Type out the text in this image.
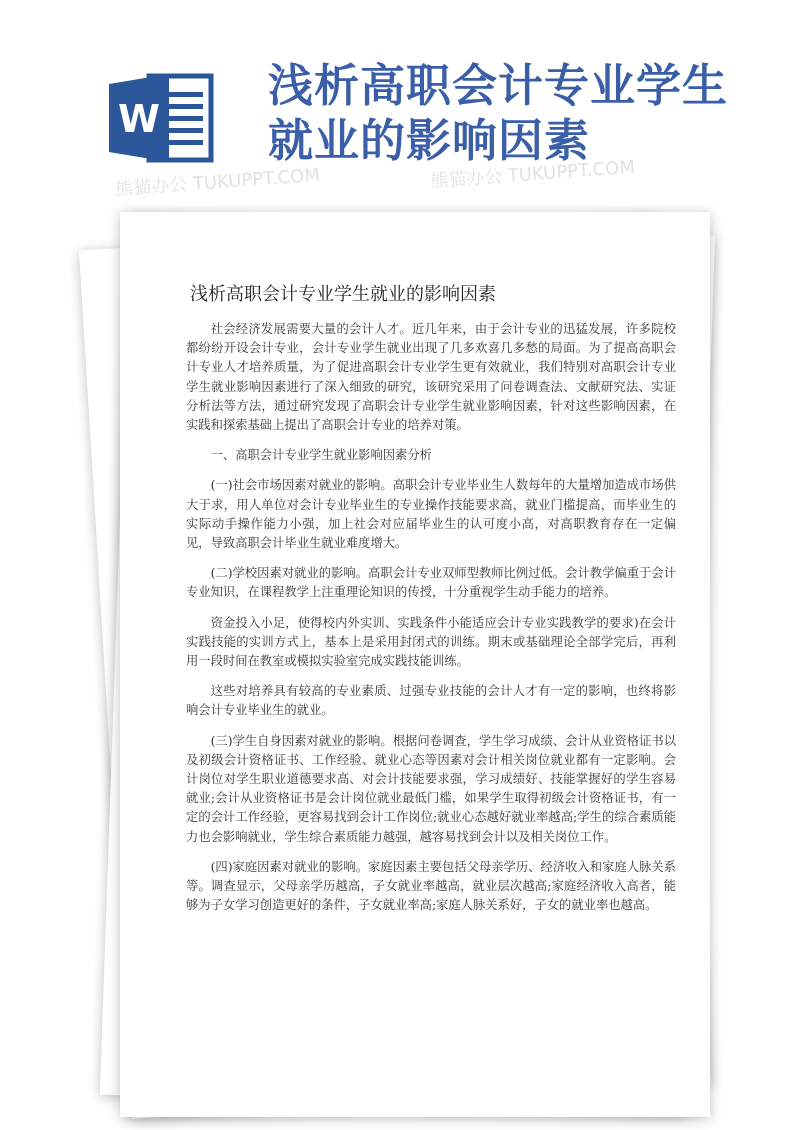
W
浅析高职会计专业学生就业的影响因素
熊猫办公 TUKUPPT.COM	熊猫办公 TUKUPPT.COM
浅析高职会计专业学生就业的影响因素

社会经济发展需要大量的会计人才。近几年来，由于会计专业的迅猛发展，许多院校都纷纷开设会计专业，会计专业学生就业出现了几多欢喜几多愁的局面。为了提高高职会计专业人才培养质量，为了促进高职会计专业学生更有效就业，我们特别对高职会计专业学生就业影响因素进行了深入细致的研究，该研究采用了问卷调查法、文献研究法、实证分析法等方法，通过研究发现了高职会计专业学生就业影响因素，针对这些影响因素，在实践和探索基础上提出了高职会计专业的培养对策。

一、高职会计专业学生就业影响因素分析

(一)社会市场因素对就业的影响。高职会计专业毕业生人数每年的大量增加造成市场供大于求，用人单位对会计专业毕业生的专业操作技能要求高，就业门槛提高，而毕业生的实际动手操作能力小强，加上社会对应届毕业生的认可度小高，对高职教育存在一定偏见，导致高职会计毕业生就业难度增大。

(二)学校因素对就业的影响。高职会计专业双师型教师比例过低。会计教学偏重于会计专业知识，在课程教学上注重理论知识的传授，十分重视学生动手能力的培养。

资金投入小足，使得校内外实训、实践条件小能适应会计专业实践教学的要求)在会计实践技能的实训方式上，基本上是采用封闭式的训练。期末或基础理论全部学完后，再利用一段时间在教室或模拟实验室完成实践技能训练。

这些对培养具有较高的专业素质、过强专业技能的会计人才有一定的影响，也终将影响会计专业毕业生的就业。

(三)学生自身因素对就业的影响。根据问卷调查，学生学习成绩、会计从业资格证书以及初级会计资格证书、工作经验、就业心态等因素对会计相关岗位就业都有一定影响。会计岗位对学生职业道德要求高、对会计技能要求强，学习成绩好、技能掌握好的学生容易就业;会计从业资格证书是会计岗位就业最低门槛，如果学生取得初级会计资格证书，有一定的会计工作经验，更容易找到会计工作岗位;就业心态越好就业率越高;学生的综合素质能力也会影响就业，学生综合素质能力越强，越容易找到会计以及相关岗位工作。

(四)家庭因素对就业的影响。家庭因素主要包括父母亲学历、经济收入和家庭人脉关系等。调查显示，父母亲学历越高，子女就业率越高，就业层次越高;家庭经济收入高者，能够为子女学习创造更好的条件，子女就业率高;家庭人脉关系好，子女的就业率也越高。
